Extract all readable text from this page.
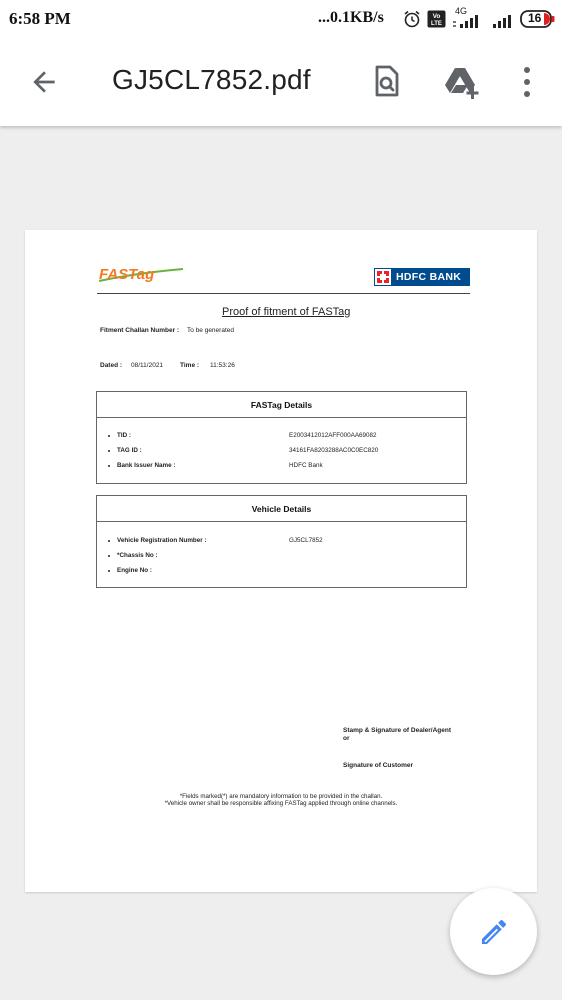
6:58 PM	...0.1KB/s	Vo
LTE
4G	16
GJ5CL7852.pdf
FASTag	HDFC BANK
Proof of fitment of FASTag
Fitment Challan Number : To be generated
Dated : 08/11/2021	Time : 11:53:26
FASTag Details
TID :	E2003412012AFF000AA69082
TAG ID :	34161FA8203288AC0C0EC820
Bank Issuer Name :	HDFC Bank
Vehicle Details
Vehicle Registration Number :	GJ5CL7852
*Chassis No :
Engine No :
Stamp & Signature of Dealer/Agent
or
Signature of Customer
*Fields marked(*) are mandatory information to be provided in the challan.
*Vehicle owner shall be responsible affixing FASTag applied through online channels.
